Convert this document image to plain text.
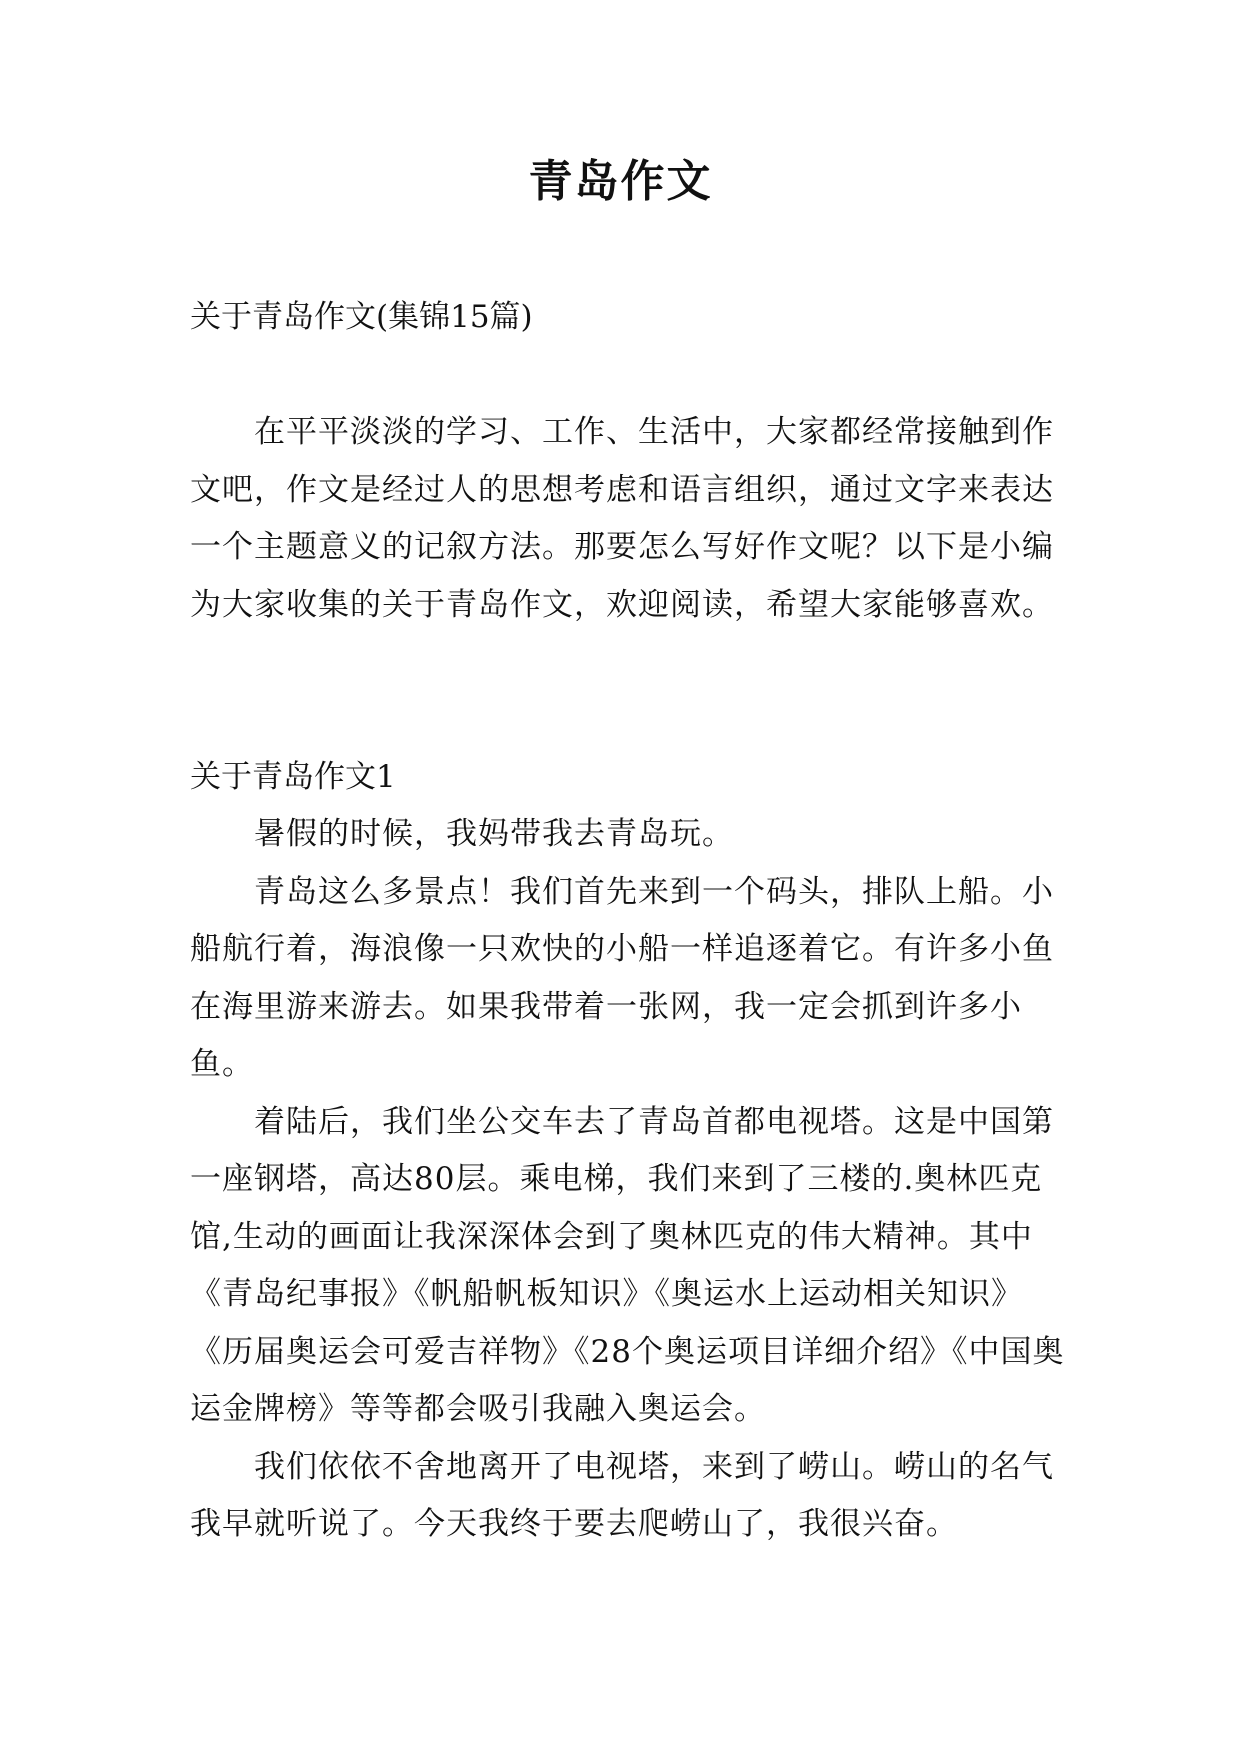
青岛作文

关于青岛作文(集锦15篇)

在平平淡淡的学习、工作、生活中，大家都经常接触到作文吧，作文是经过人的思想考虑和语言组织，通过文字来表达一个主题意义的记叙方法。那要怎么写好作文呢？以下是小编为大家收集的关于青岛作文，欢迎阅读，希望大家能够喜欢。

关于青岛作文1

暑假的时候，我妈带我去青岛玩。

青岛这么多景点！我们首先来到一个码头，排队上船。小船航行着，海浪像一只欢快的小船一样追逐着它。有许多小鱼在海里游来游去。如果我带着一张网，我一定会抓到许多小鱼。

着陆后，我们坐公交车去了青岛首都电视塔。这是中国第一座钢塔，高达80层。乘电梯，我们来到了三楼的.奥林匹克馆,生动的画面让我深深体会到了奥林匹克的伟大精神。其中《青岛纪事报》《帆船帆板知识》《奥运水上运动相关知识》《历届奥运会可爱吉祥物》《28个奥运项目详细介绍》《中国奥运金牌榜》等等都会吸引我融入奥运会。

我们依依不舍地离开了电视塔，来到了崂山。崂山的名气我早就听说了。今天我终于要去爬崂山了，我很兴奋。
